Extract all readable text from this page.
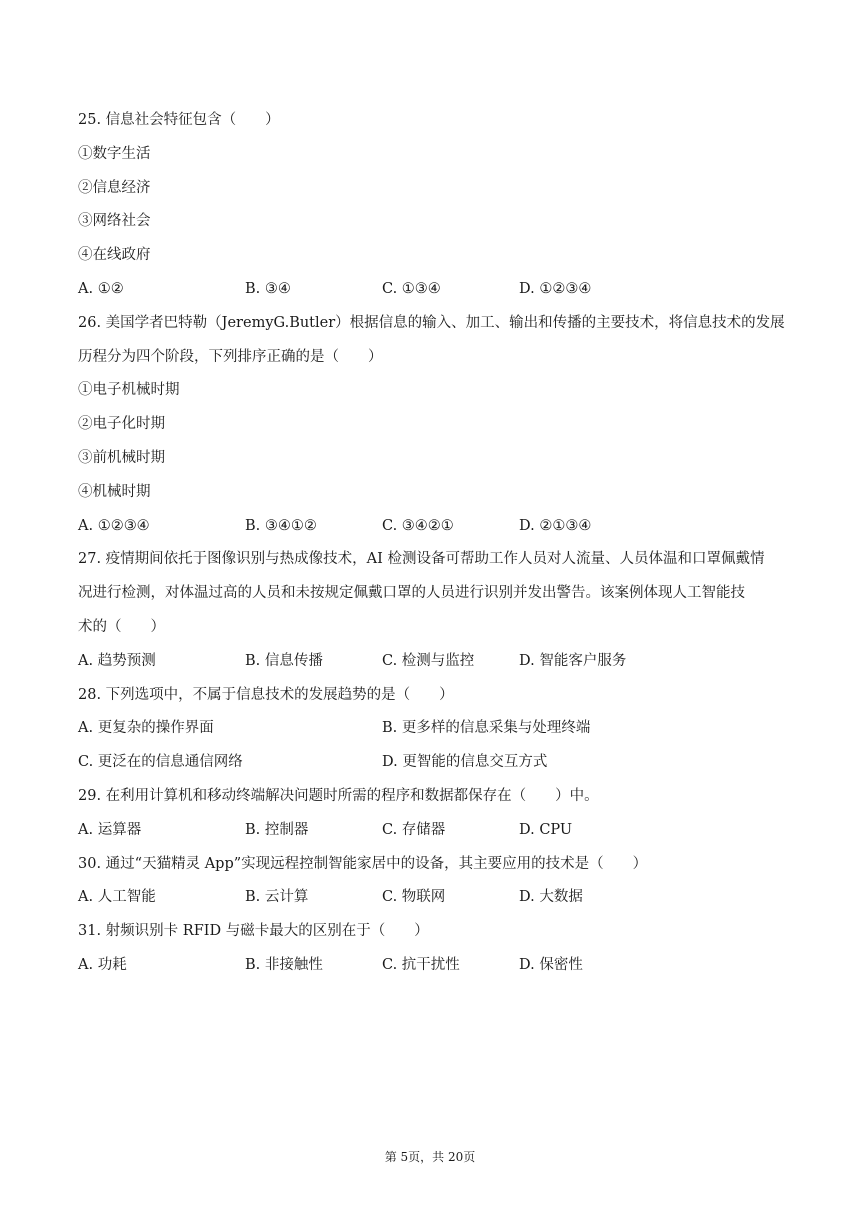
25. 信息社会特征包含（　　）
①数字生活
②信息经济
③网络社会
④在线政府
A. ①②	B. ③④	C. ①③④	D. ①②③④
26. 美国学者巴特勒（JeremyG.Butler）根据信息的输入、加工、输出和传播的主要技术，将信息技术的发展
历程分为四个阶段，下列排序正确的是（　　）
①电子机械时期
②电子化时期
③前机械时期
④机械时期
A. ①②③④	B. ③④①②	C. ③④②①	D. ②①③④
27. 疫情期间依托于图像识别与热成像技术，AI 检测设备可帮助工作人员对人流量、人员体温和口罩佩戴情
况进行检测，对体温过高的人员和未按规定佩戴口罩的人员进行识别并发出警告。该案例体现人工智能技
术的（　　）
A. 趋势预测	B. 信息传播	C. 检测与监控	D. 智能客户服务
28. 下列选项中，不属于信息技术的发展趋势的是（　　）
A. 更复杂的操作界面	B. 更多样的信息采集与处理终端
C. 更泛在的信息通信网络	D. 更智能的信息交互方式
29. 在利用计算机和移动终端解决问题时所需的程序和数据都保存在（　　）中。
A. 运算器	B. 控制器	C. 存储器	D. CPU
30. 通过“天猫精灵 App”实现远程控制智能家居中的设备，其主要应用的技术是（　　）
A. 人工智能	B. 云计算	C. 物联网	D. 大数据
31. 射频识别卡 RFID 与磁卡最大的区别在于（　　）
A. 功耗	B. 非接触性	C. 抗干扰性	D. 保密性
第 5页，共 20页
